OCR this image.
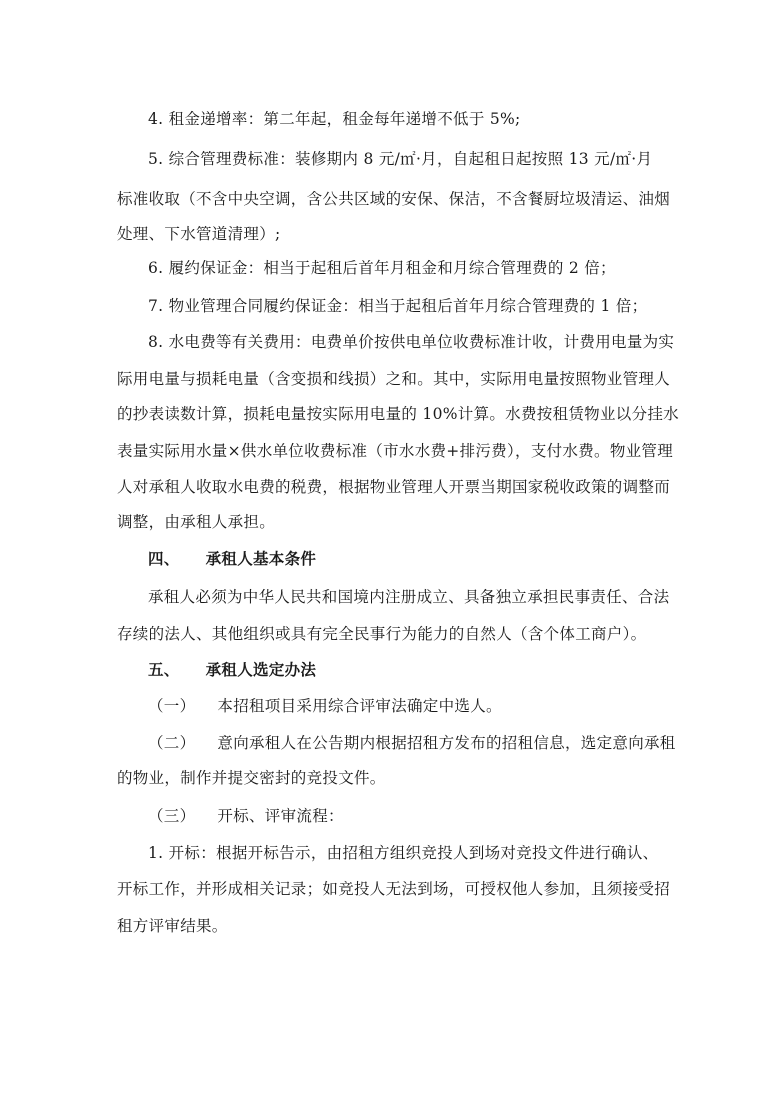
4. 租金递增率：第二年起，租金每年递增不低于 5%;
5. 综合管理费标准：装修期内 8 元/㎡·月，自起租日起按照 13 元/㎡·月
标准收取（不含中央空调，含公共区域的安保、保洁，不含餐厨垃圾清运、油烟
处理、下水管道清理）;
6. 履约保证金：相当于起租后首年月租金和月综合管理费的 2 倍；
7. 物业管理合同履约保证金：相当于起租后首年月综合管理费的 1 倍；
8. 水电费等有关费用：电费单价按供电单位收费标准计收，计费用电量为实
际用电量与损耗电量（含变损和线损）之和。其中，实际用电量按照物业管理人
的抄表读数计算，损耗电量按实际用电量的 10%计算。水费按租赁物业以分挂水
表量实际用水量×供水单位收费标准（市水水费+排污费），支付水费。物业管理
人对承租人收取水电费的税费，根据物业管理人开票当期国家税收政策的调整而
调整，由承租人承担。
四、 承租人基本条件
承租人必须为中华人民共和国境内注册成立、具备独立承担民事责任、合法
存续的法人、其他组织或具有完全民事行为能力的自然人（含个体工商户）。
五、 承租人选定办法
（一） 本招租项目采用综合评审法确定中选人。
（二） 意向承租人在公告期内根据招租方发布的招租信息，选定意向承租
的物业，制作并提交密封的竞投文件。
（三） 开标、评审流程：
1. 开标：根据开标告示，由招租方组织竞投人到场对竞投文件进行确认、
开标工作，并形成相关记录；如竞投人无法到场，可授权他人参加，且须接受招
租方评审结果。
